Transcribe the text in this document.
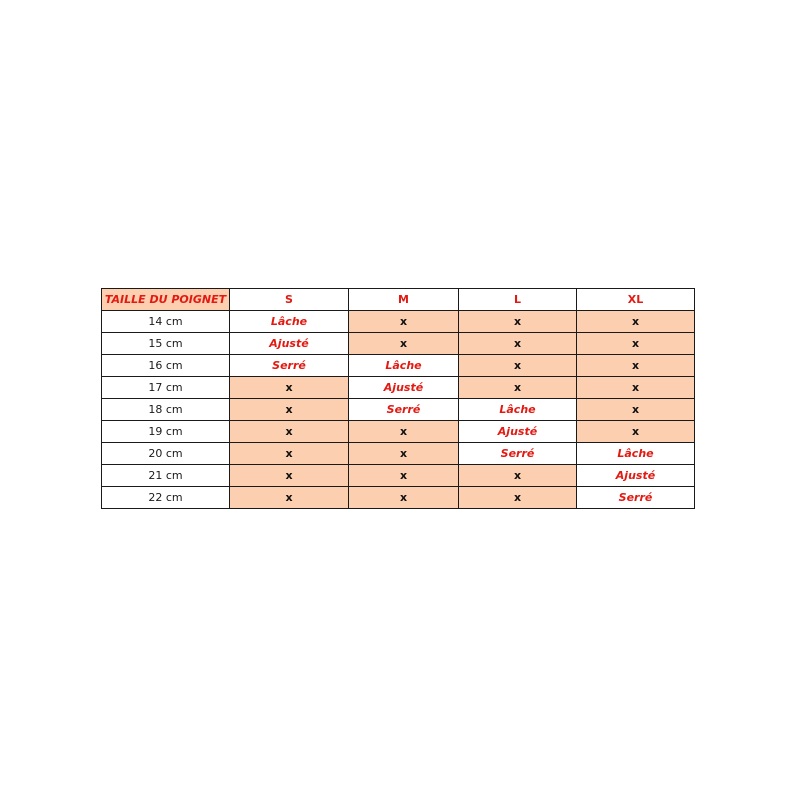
TAILLE DU POIGNET	S	M	L	XL
14 cm	Lâche	x	x	x
15 cm	Ajusté	x	x	x
16 cm	Serré	Lâche	x	x
17 cm	x	Ajusté	x	x
18 cm	x	Serré	Lâche	x
19 cm	x	x	Ajusté	x
20 cm	x	x	Serré	Lâche
21 cm	x	x	x	Ajusté
22 cm	x	x	x	Serré
